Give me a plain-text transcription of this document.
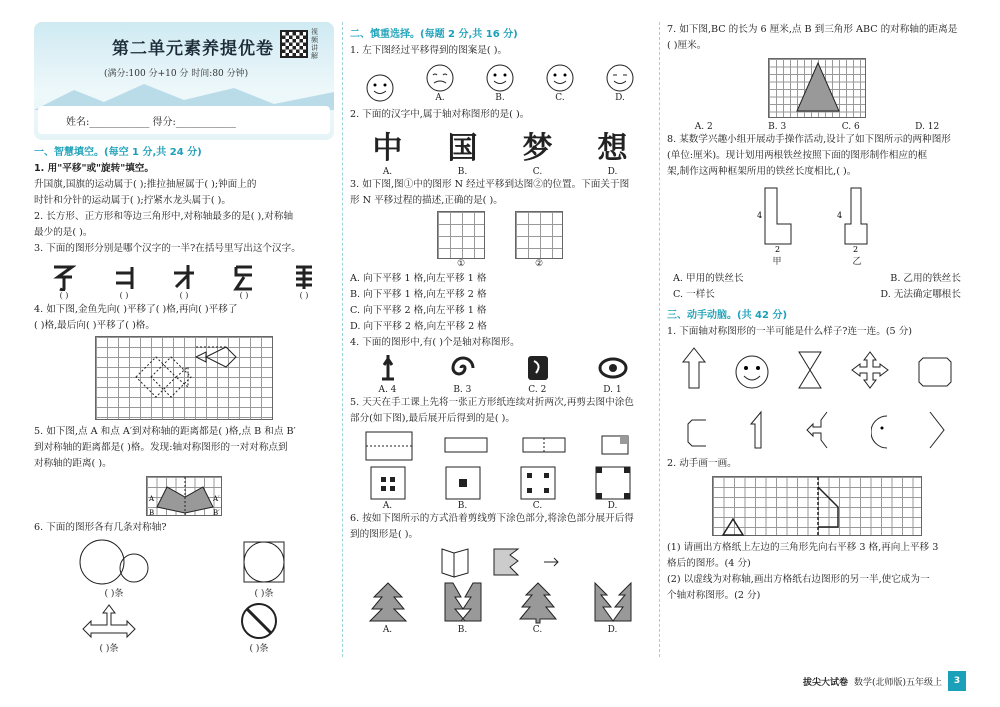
第二单元素养提优卷
视频讲解
(满分:100 分+10 分 时间:80 分钟)
姓名:____________ 得分:____________
一、智慧填空。(每空 1 分,共 24 分)

1. 用"平移"或"旋转"填空。

升国旗,国旗的运动属于( );推拉抽屉属于( );钟面上的

时针和分针的运动属于( );拧紧水龙头属于( )。

2. 长方形、正方形和等边三角形中,对称轴最多的是( ),对称轴

最少的是( )。

3. 下面的图形分别是哪个汉字的一半?在括号里写出这个汉字。

( )	( )	( )	( )	( )

4. 如下图,金鱼先向( )平移了( )格,再向( )平移了

( )格,最后向( )平移了( )格。

5. 如下图,点 A 和点 A′到对称轴的距离都是( )格,点 B 和点 B′

到对称轴的距离都是( )格。发现:轴对称图形的一对对称点到

对称轴的距离( )。

A	A′
B	B′

6. 下面的图形各有几条对称轴?

( )条	( )条
( )条	( )条
二、慎重选择。(每题 2 分,共 16 分)

1. 左下图经过平移得到的图案是( )。

A.	B.	C.	D.

2. 下面的汉字中,属于轴对称图形的是( )。

中
A.
国
B.
梦
C.
想
D.

3. 如下图,图①中的图形 N 经过平移到达图②的位置。下面关于图

形 N 平移过程的描述,正确的是( )。

①	②

A. 向下平移 1 格,向左平移 1 格

B. 向下平移 1 格,向左平移 2 格

C. 向下平移 2 格,向左平移 1 格

D. 向下平移 2 格,向左平移 2 格

4. 下面的图形中,有( )个是轴对称图形。

A. 4	B. 3	C. 2	D. 1

5. 天天在手工课上先将一张正方形纸连续对折两次,再剪去图中涂色

部分(如下图),最后展开后得到的是( )。

A.	B.	C.	D.

6. 按如下图所示的方式沿着剪线剪下涂色部分,将涂色部分展开后得

到的图形是( )。

A.	B.	C.	D.

7. 如下图,BC 的长为 6 厘米,点 B 到三角形 ABC 的对称轴的距离是

( )厘米。

A. 2	B. 3	C. 6	D. 12

8. 某数学兴趣小组开展动手操作活动,设计了如下图所示的两种图形

(单位:厘米)。现计划用两根铁丝按照下面的图形制作相应的框

架,制作这两种框架所用的铁丝长度相比,( )。

4
2
甲
4
2
乙

A. 甲用的铁丝长	B. 乙用的铁丝长

C. 一样长	D. 无法确定哪根长

三、动手动脑。(共 42 分)

1. 下面轴对称图形的一半可能是什么样子?连一连。(5 分)

2. 动手画一画。

(1) 请画出方格纸上左边的三角形先向右平移 3 格,再向上平移 3

格后的图形。(4 分)

(2) 以虚线为对称轴,画出方格纸右边图形的另一半,使它成为一

个轴对称图形。(2 分)

拔尖大试卷 数学(北师版)五年级上	3
